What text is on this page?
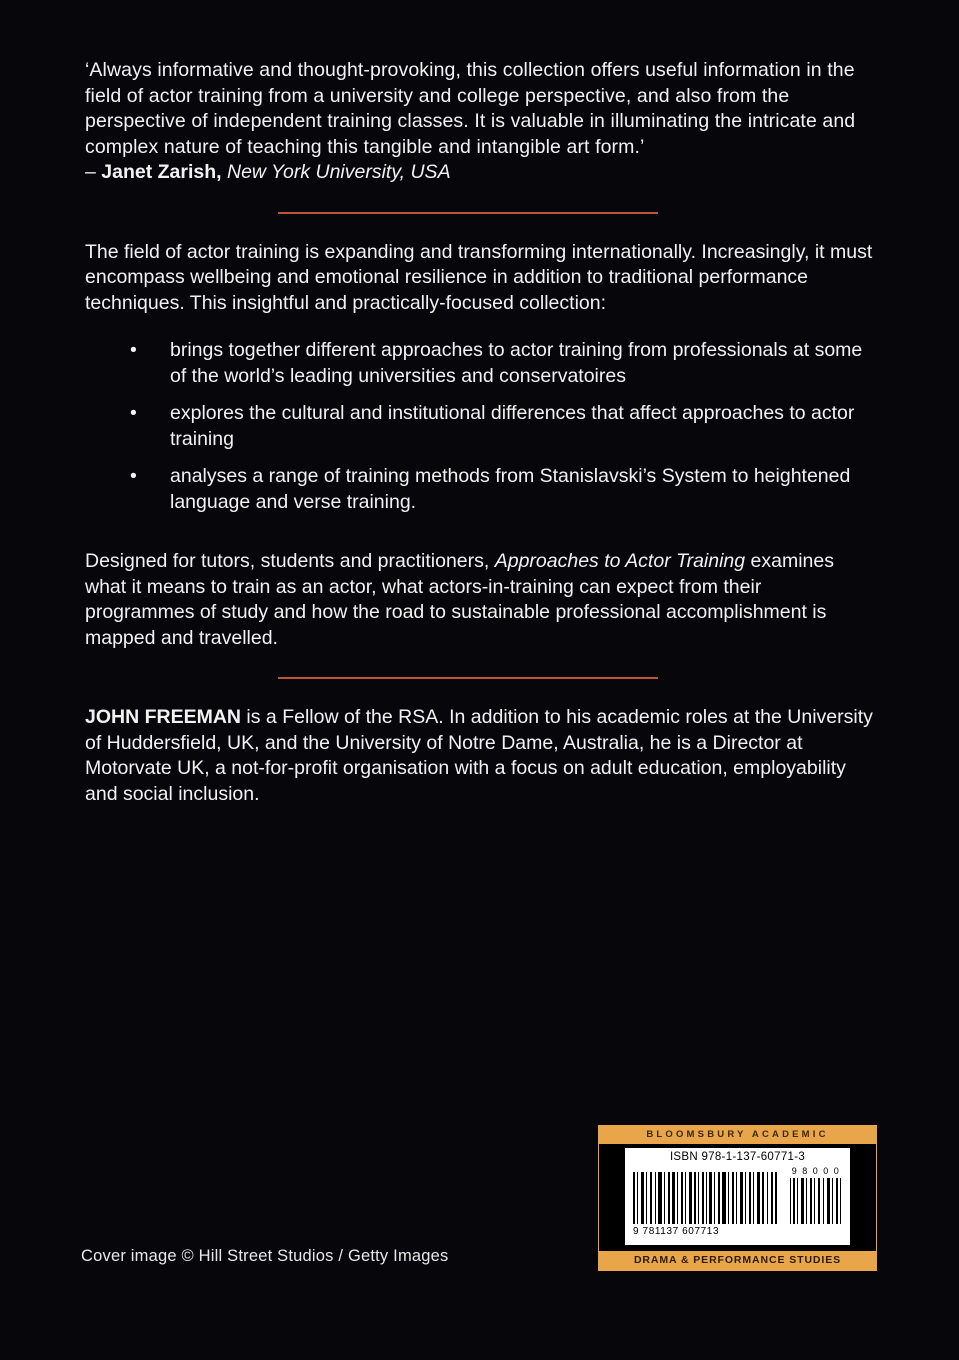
‘Always informative and thought-provoking, this collection offers useful information in the field of actor training from a university and college perspective, and also from the perspective of independent training classes. It is valuable in illuminating the intricate and complex nature of teaching this tangible and intangible art form.’

– Janet Zarish, New York University, USA

The field of actor training is expanding and transforming internationally. Increasingly, it must encompass wellbeing and emotional resilience in addition to traditional performance techniques. This insightful and practically-focused collection:

• brings together different approaches to actor training from professionals at some of the world’s leading universities and conservatoires
• explores the cultural and institutional differences that affect approaches to actor training
• analyses a range of training methods from Stanislavski’s System to heightened language and verse training.

Designed for tutors, students and practitioners, Approaches to Actor Training examines what it means to train as an actor, what actors-in-training can expect from their programmes of study and how the road to sustainable professional accomplishment is mapped and travelled.

JOHN FREEMAN is a Fellow of the RSA. In addition to his academic roles at the University of Huddersfield, UK, and the University of Notre Dame, Australia, he is a Director at Motorvate UK, a not-for-profit organisation with a focus on adult education, employability and social inclusion.

Cover image © Hill Street Studios / Getty Images
BLOOMSBURY ACADEMIC
ISBN 978-1-137-60771-3
9 8 0 0 0
9 781137 607713
DRAMA & PERFORMANCE STUDIES
